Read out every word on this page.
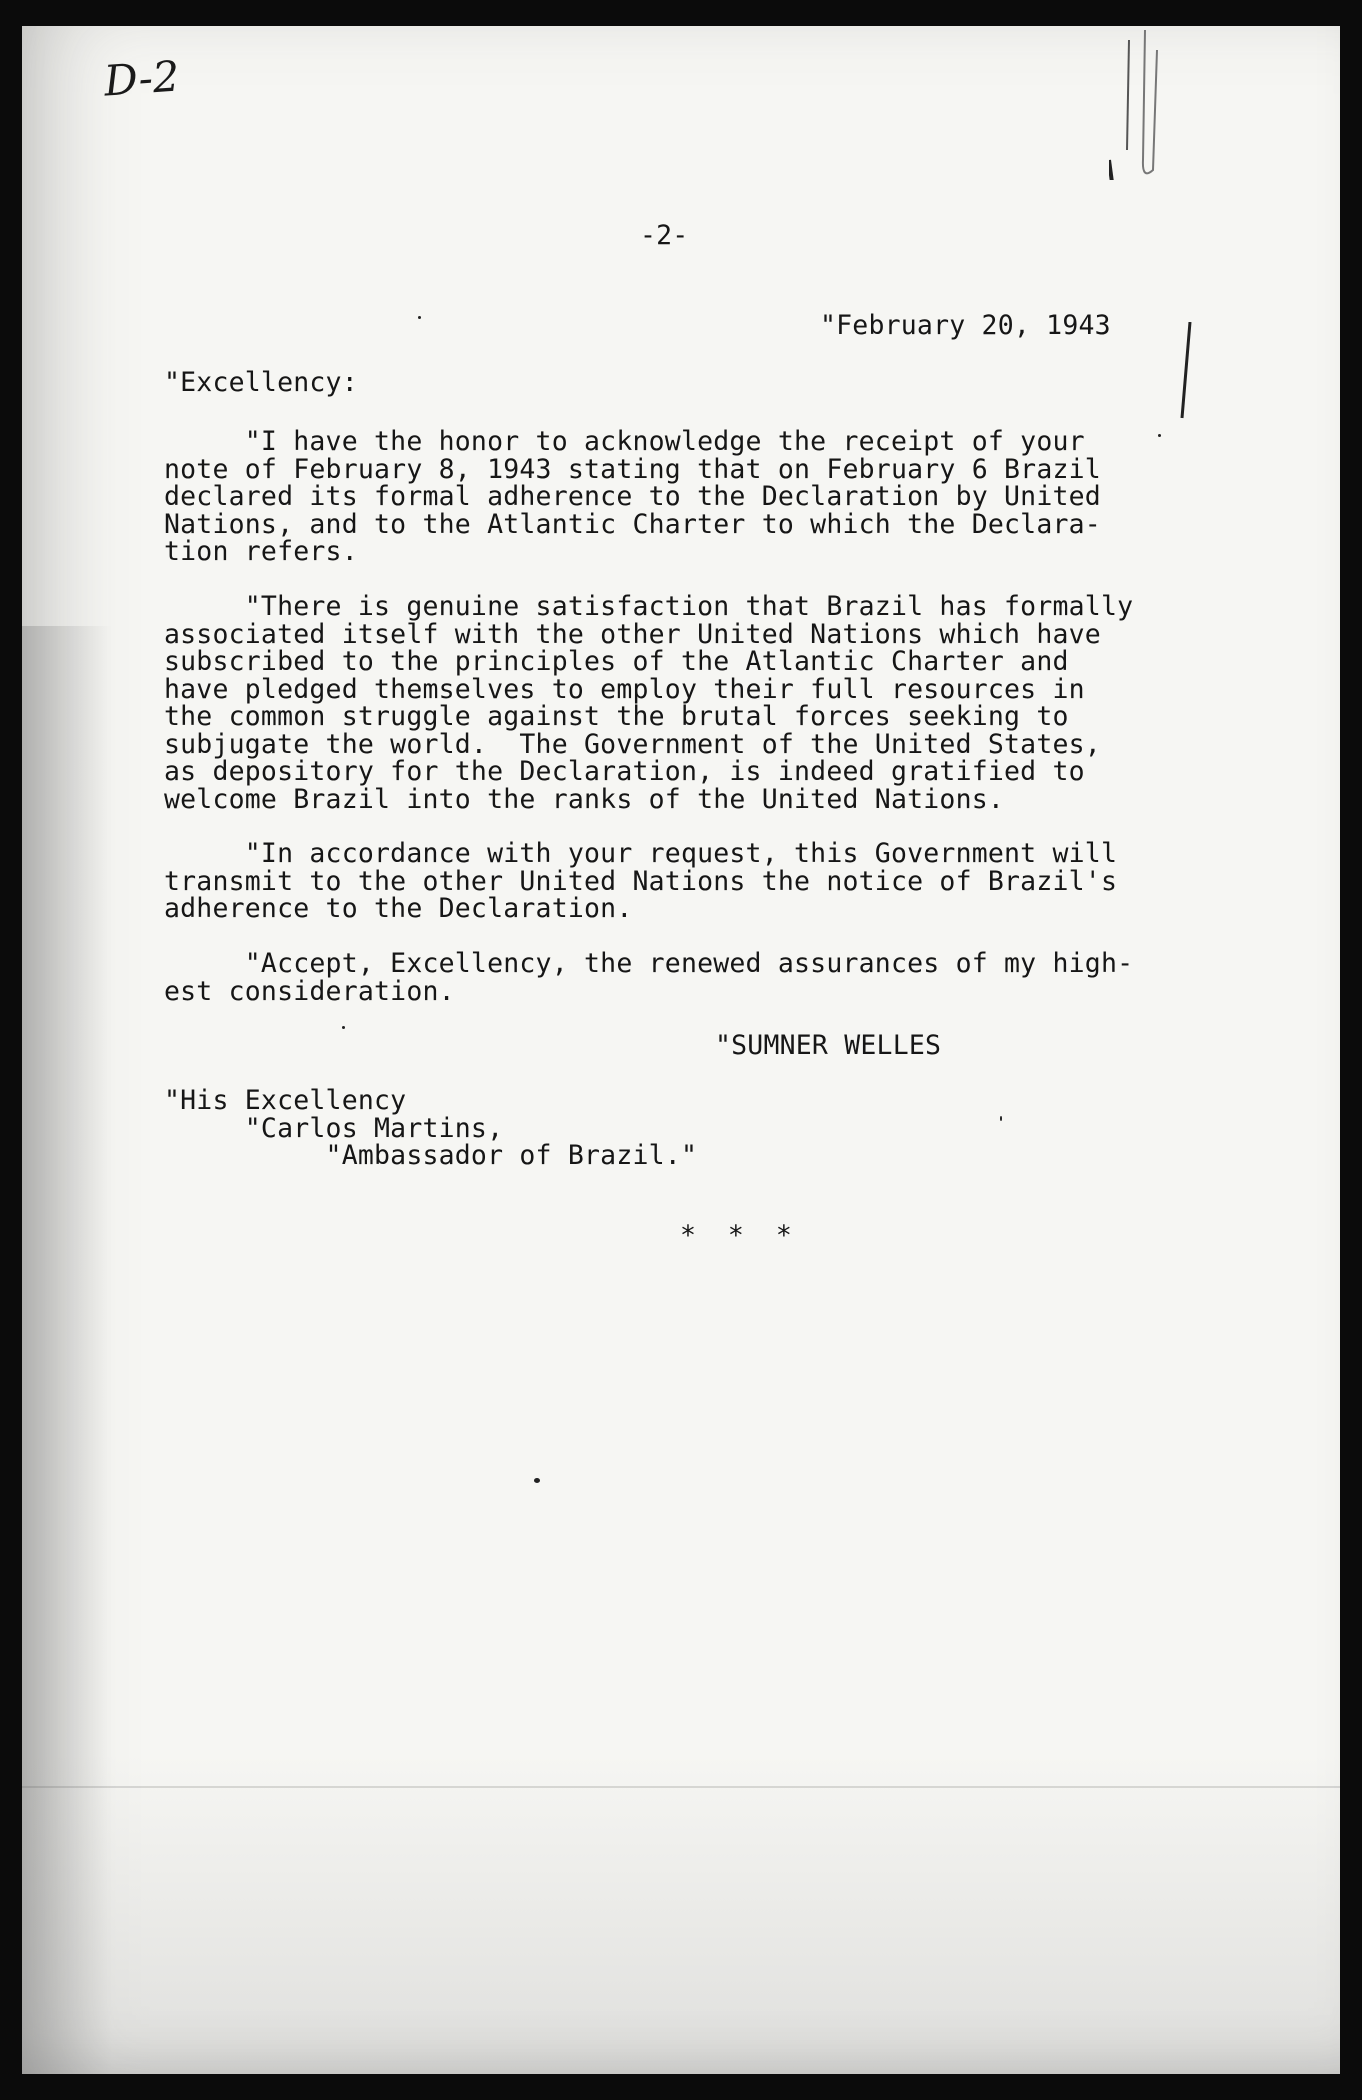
D-2
-2-
"February 20, 1943
"Excellency:
"I have the honor to acknowledge the receipt of your
note of February 8, 1943 stating that on February 6 Brazil
declared its formal adherence to the Declaration by United
Nations, and to the Atlantic Charter to which the Declara-
tion refers.
"There is genuine satisfaction that Brazil has formally
associated itself with the other United Nations which have
subscribed to the principles of the Atlantic Charter and
have pledged themselves to employ their full resources in
the common struggle against the brutal forces seeking to
subjugate the world.  The Government of the United States,
as depository for the Declaration, is indeed gratified to
welcome Brazil into the ranks of the United Nations.
"In accordance with your request, this Government will
transmit to the other United Nations the notice of Brazil's
adherence to the Declaration.
"Accept, Excellency, the renewed assurances of my high-
est consideration.
"SUMNER WELLES
"His Excellency
"Carlos Martins,
"Ambassador of Brazil."
* * *
